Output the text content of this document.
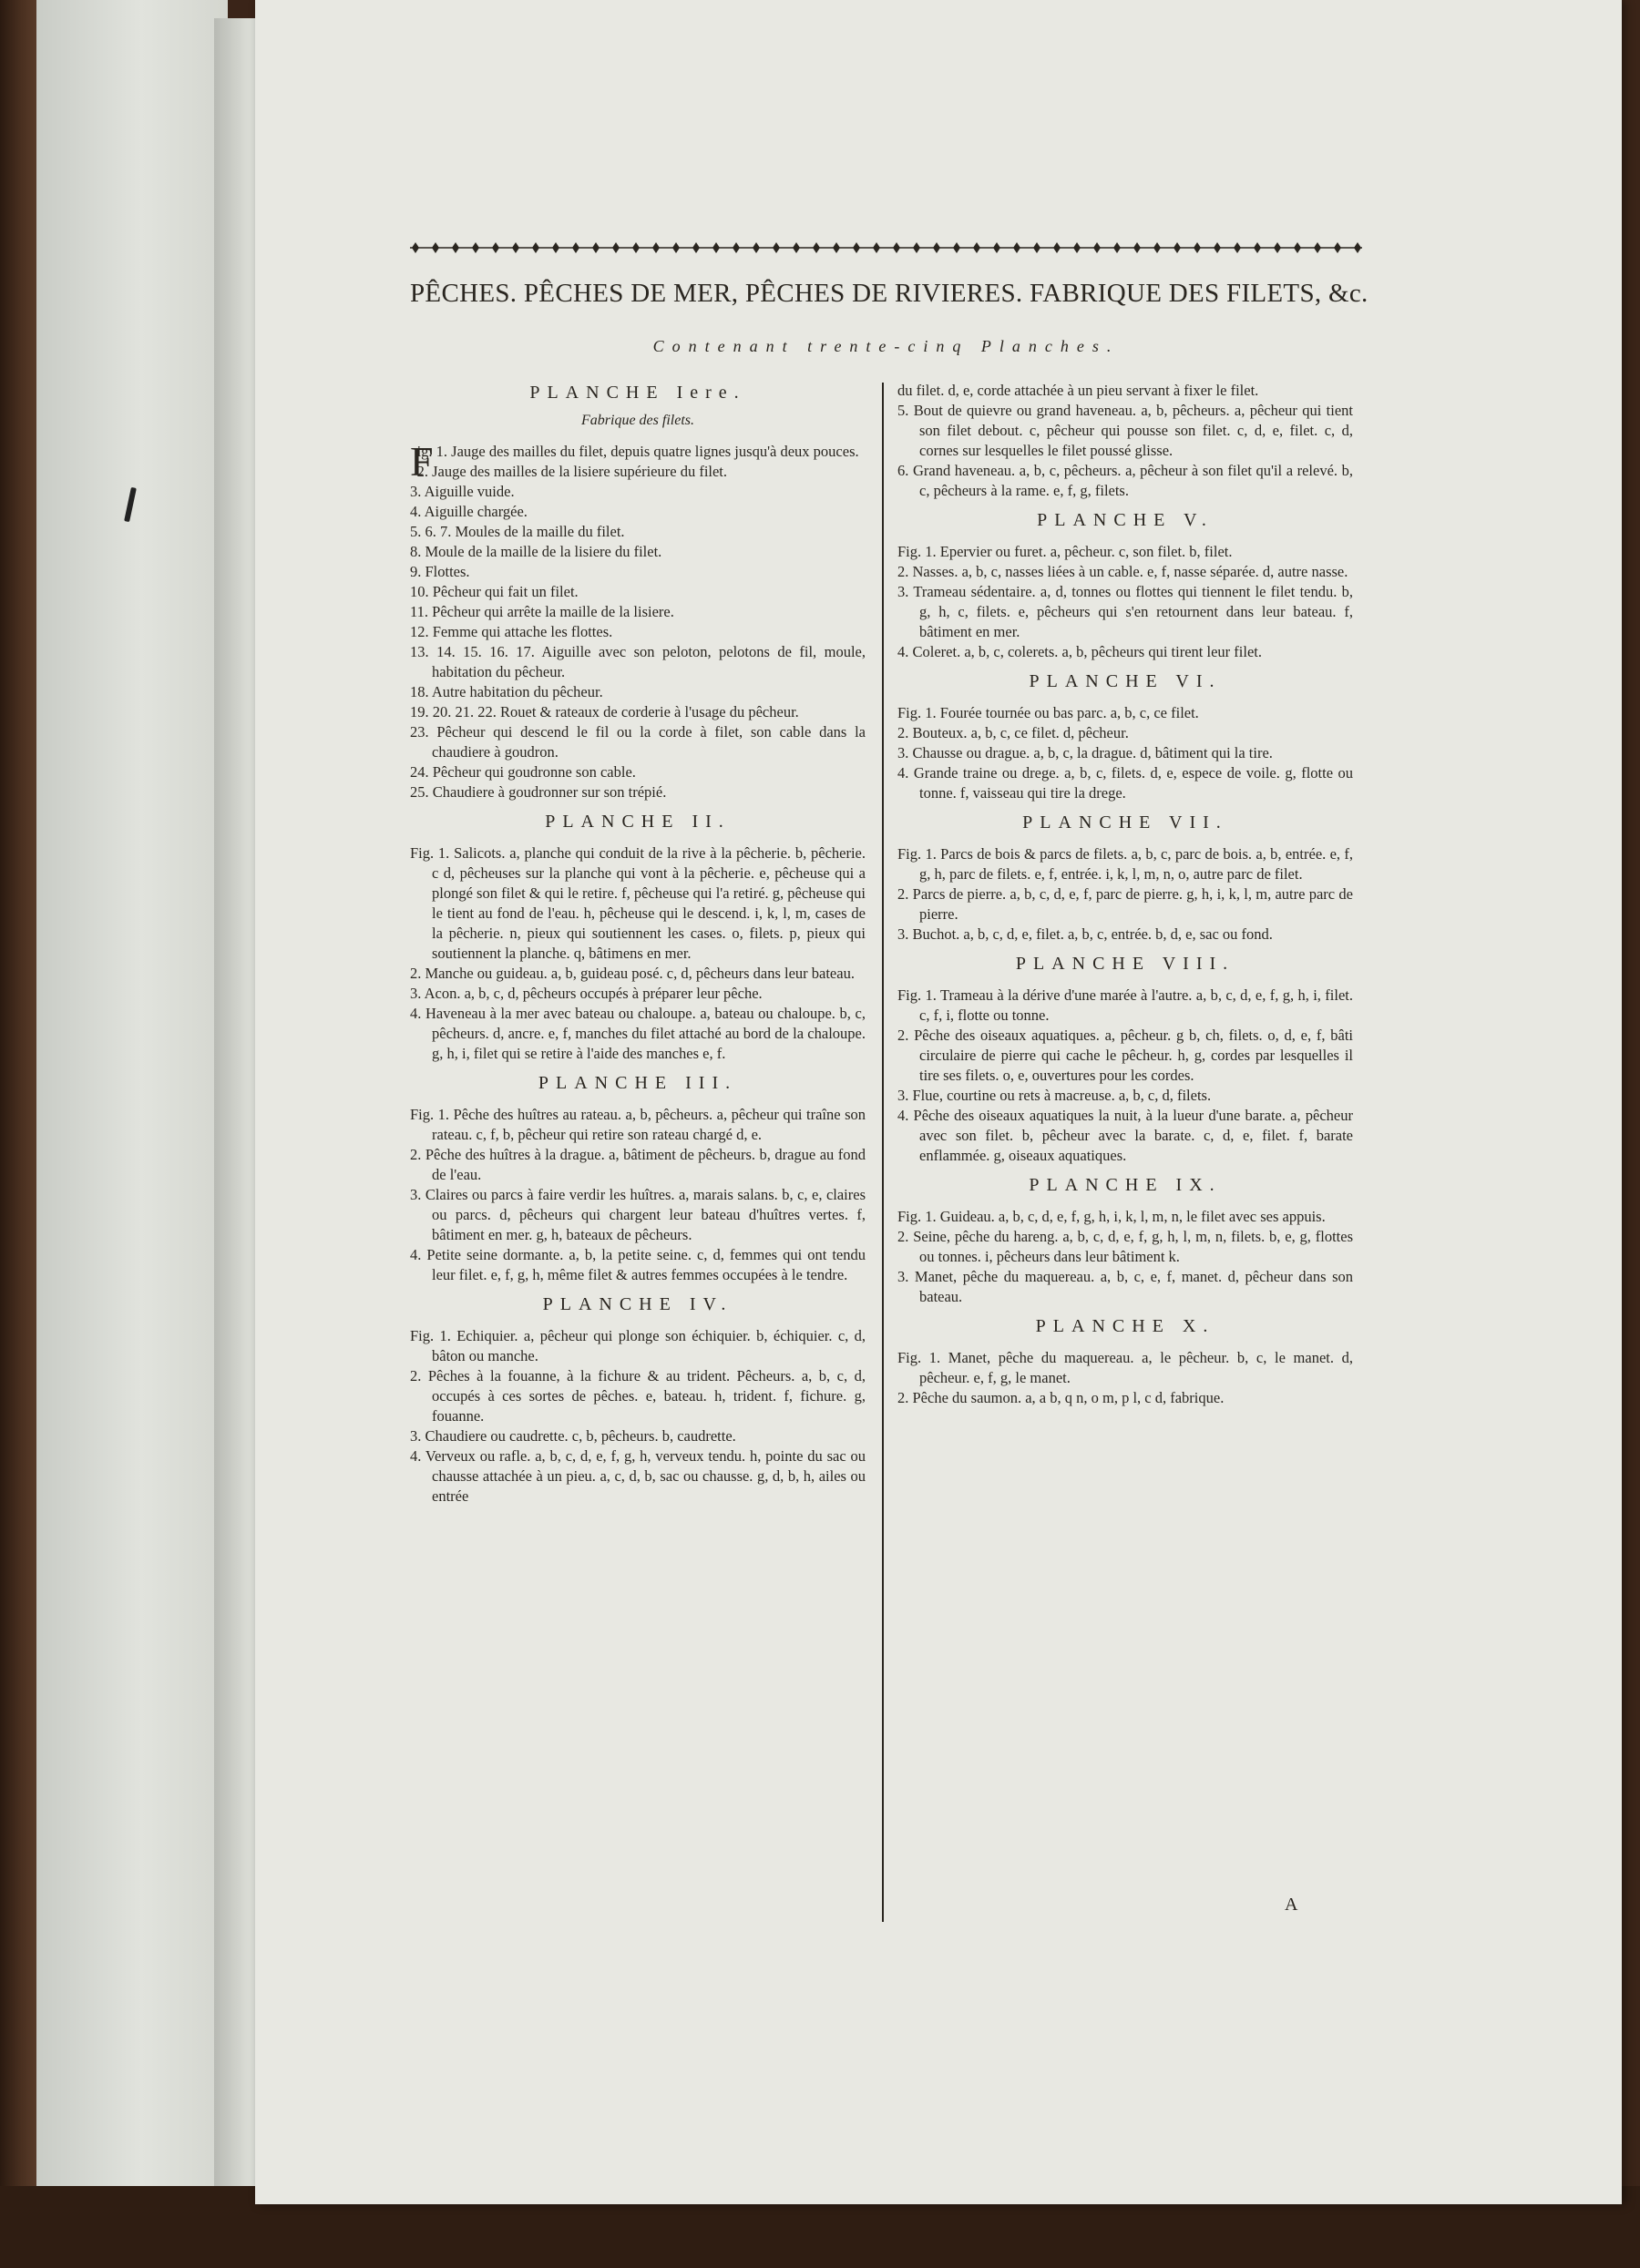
PÊCHES. PÊCHES DE MER, PÊCHES DE RIVIERES. FABRIQUE DES FILETS, &c.
Contenant trente-cinq Planches.
PLANCHE Iere.
Fabrique des filets.

Fig. 1. Jauge des mailles du filet, depuis quatre lignes jusqu'à deux pouces.

2. Jauge des mailles de la lisiere supérieure du filet.

3. Aiguille vuide.

4. Aiguille chargée.

5. 6. 7. Moules de la maille du filet.

8. Moule de la maille de la lisiere du filet.

9. Flottes.

10. Pêcheur qui fait un filet.

11. Pêcheur qui arrête la maille de la lisiere.

12. Femme qui attache les flottes.

13. 14. 15. 16. 17. Aiguille avec son peloton, pelotons de fil, moule, habitation du pêcheur.

18. Autre habitation du pêcheur.

19. 20. 21. 22. Rouet & rateaux de corderie à l'usage du pêcheur.

23. Pêcheur qui descend le fil ou la corde à filet, son cable dans la chaudiere à goudron.

24. Pêcheur qui goudronne son cable.

25. Chaudiere à goudronner sur son trépié.

PLANCHE II.

Fig. 1. Salicots. a, planche qui conduit de la rive à la pêcherie. b, pêcherie. c d, pêcheuses sur la planche qui vont à la pêcherie. e, pêcheuse qui a plongé son filet & qui le retire. f, pêcheuse qui l'a retiré. g, pêcheuse qui le tient au fond de l'eau. h, pêcheuse qui le descend. i, k, l, m, cases de la pêcherie. n, pieux qui soutiennent les cases. o, filets. p, pieux qui soutiennent la planche. q, bâtimens en mer.

2. Manche ou guideau. a, b, guideau posé. c, d, pêcheurs dans leur bateau.

3. Acon. a, b, c, d, pêcheurs occupés à préparer leur pêche.

4. Haveneau à la mer avec bateau ou chaloupe. a, bateau ou chaloupe. b, c, pêcheurs. d, ancre. e, f, manches du filet attaché au bord de la chaloupe. g, h, i, filet qui se retire à l'aide des manches e, f.

PLANCHE III.

Fig. 1. Pêche des huîtres au rateau. a, b, pêcheurs. a, pêcheur qui traîne son rateau. c, f, b, pêcheur qui retire son rateau chargé d, e.

2. Pêche des huîtres à la drague. a, bâtiment de pêcheurs. b, drague au fond de l'eau.

3. Claires ou parcs à faire verdir les huîtres. a, marais salans. b, c, e, claires ou parcs. d, pêcheurs qui chargent leur bateau d'huîtres vertes. f, bâtiment en mer. g, h, bateaux de pêcheurs.

4. Petite seine dormante. a, b, la petite seine. c, d, femmes qui ont tendu leur filet. e, f, g, h, même filet & autres femmes occupées à le tendre.

PLANCHE IV.

Fig. 1. Echiquier. a, pêcheur qui plonge son échiquier. b, échiquier. c, d, bâton ou manche.

2. Pêches à la fouanne, à la fichure & au trident. Pêcheurs. a, b, c, d, occupés à ces sortes de pêches. e, bateau. h, trident. f, fichure. g, fouanne.

3. Chaudiere ou caudrette. c, b, pêcheurs. b, caudrette.

4. Verveux ou rafle. a, b, c, d, e, f, g, h, verveux tendu. h, pointe du sac ou chausse attachée à un pieu. a, c, d, b, sac ou chausse. g, d, b, h, ailes ou entrée

du filet. d, e, corde attachée à un pieu servant à fixer le filet.

5. Bout de quievre ou grand haveneau. a, b, pêcheurs. a, pêcheur qui tient son filet debout. c, pêcheur qui pousse son filet. c, d, e, filet. c, d, cornes sur lesquelles le filet poussé glisse.

6. Grand haveneau. a, b, c, pêcheurs. a, pêcheur à son filet qu'il a relevé. b, c, pêcheurs à la rame. e, f, g, filets.

PLANCHE V.

Fig. 1. Epervier ou furet. a, pêcheur. c, son filet. b, filet.

2. Nasses. a, b, c, nasses liées à un cable. e, f, nasse séparée. d, autre nasse.

3. Trameau sédentaire. a, d, tonnes ou flottes qui tiennent le filet tendu. b, g, h, c, filets. e, pêcheurs qui s'en retournent dans leur bateau. f, bâtiment en mer.

4. Coleret. a, b, c, colerets. a, b, pêcheurs qui tirent leur filet.

PLANCHE VI.

Fig. 1. Fourée tournée ou bas parc. a, b, c, ce filet.

2. Bouteux. a, b, c, ce filet. d, pêcheur.

3. Chausse ou drague. a, b, c, la drague. d, bâtiment qui la tire.

4. Grande traine ou drege. a, b, c, filets. d, e, espece de voile. g, flotte ou tonne. f, vaisseau qui tire la drege.

PLANCHE VII.

Fig. 1. Parcs de bois & parcs de filets. a, b, c, parc de bois. a, b, entrée. e, f, g, h, parc de filets. e, f, entrée. i, k, l, m, n, o, autre parc de filet.

2. Parcs de pierre. a, b, c, d, e, f, parc de pierre. g, h, i, k, l, m, autre parc de pierre.

3. Buchot. a, b, c, d, e, filet. a, b, c, entrée. b, d, e, sac ou fond.

PLANCHE VIII.

Fig. 1. Trameau à la dérive d'une marée à l'autre. a, b, c, d, e, f, g, h, i, filet. c, f, i, flotte ou tonne.

2. Pêche des oiseaux aquatiques. a, pêcheur. g b, ch, filets. o, d, e, f, bâti circulaire de pierre qui cache le pêcheur. h, g, cordes par lesquelles il tire ses filets. o, e, ouvertures pour les cordes.

3. Flue, courtine ou rets à macreuse. a, b, c, d, filets.

4. Pêche des oiseaux aquatiques la nuit, à la lueur d'une barate. a, pêcheur avec son filet. b, pêcheur avec la barate. c, d, e, filet. f, barate enflammée. g, oiseaux aquatiques.

PLANCHE IX.

Fig. 1. Guideau. a, b, c, d, e, f, g, h, i, k, l, m, n, le filet avec ses appuis.

2. Seine, pêche du hareng. a, b, c, d, e, f, g, h, l, m, n, filets. b, e, g, flottes ou tonnes. i, pêcheurs dans leur bâtiment k.

3. Manet, pêche du maquereau. a, b, c, e, f, manet. d, pêcheur dans son bateau.

PLANCHE X.

Fig. 1. Manet, pêche du maquereau. a, le pêcheur. b, c, le manet. d, pêcheur. e, f, g, le manet.

2. Pêche du saumon. a, a b, q n, o m, p l, c d, fabrique.

A
